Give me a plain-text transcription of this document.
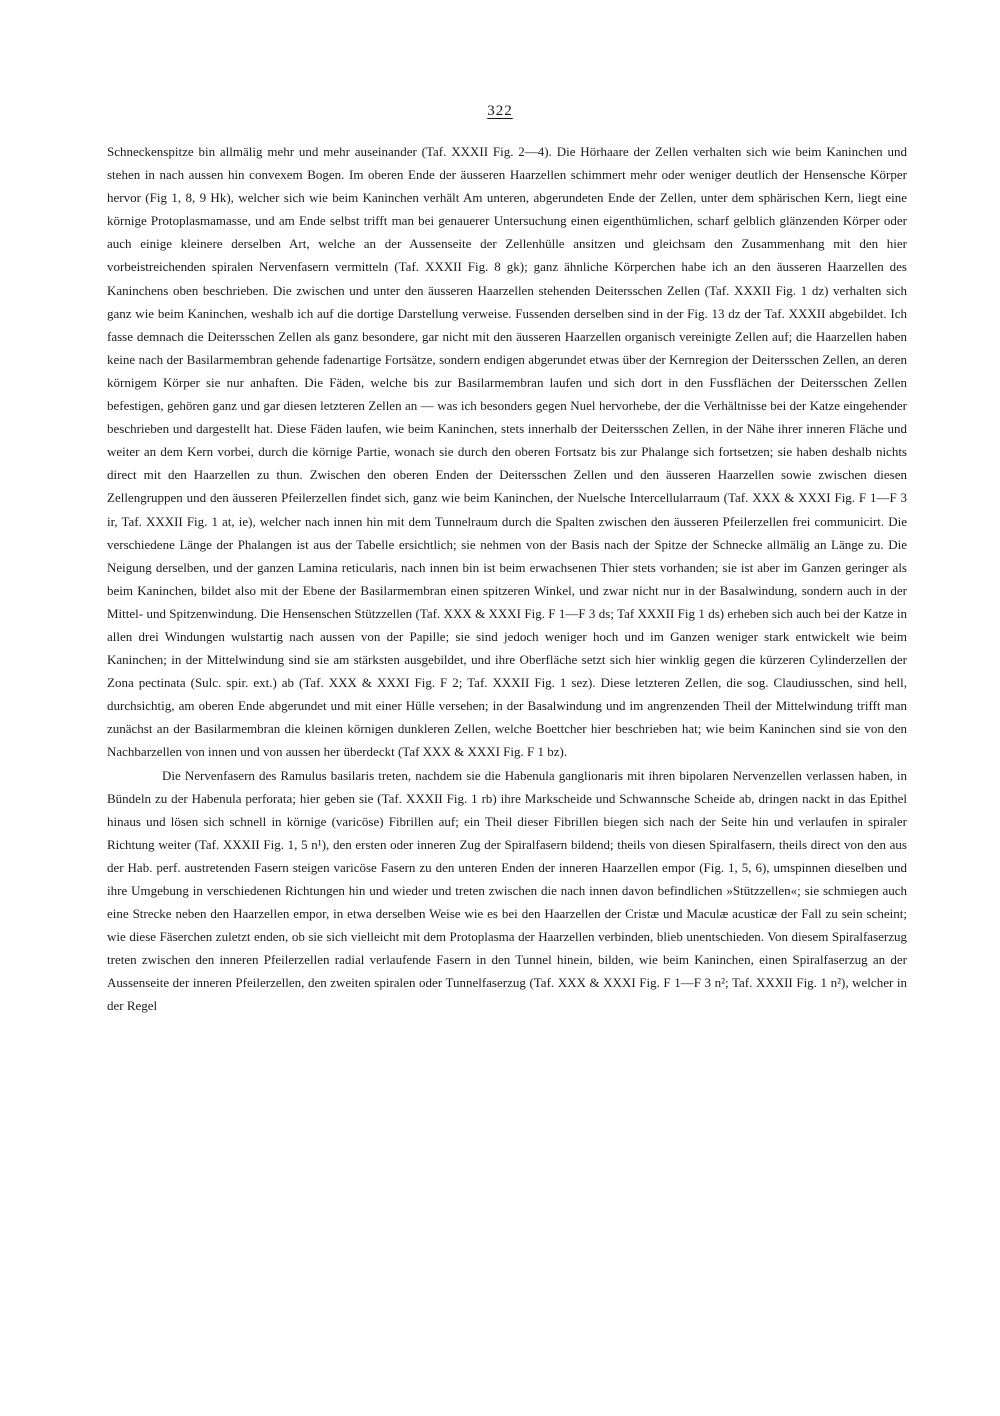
322

Schneckenspitze bin allmälig mehr und mehr auseinander (Taf. XXXII Fig. 2—4). Die Hörhaare der Zellen verhalten sich wie beim Kaninchen und stehen in nach aussen hin convexem Bogen. Im oberen Ende der äusseren Haarzellen schimmert mehr oder weniger deutlich der Hensensche Körper hervor (Fig 1, 8, 9 Hk), welcher sich wie beim Kaninchen verhält Am unteren, abgerundeten Ende der Zellen, unter dem sphärischen Kern, liegt eine körnige Protoplasmamasse, und am Ende selbst trifft man bei genauerer Untersuchung einen eigenthümlichen, scharf gelblich glänzenden Körper oder auch einige kleinere derselben Art, welche an der Aussenseite der Zellenhülle ansitzen und gleichsam den Zusammenhang mit den hier vorbeistreichenden spiralen Nervenfasern vermitteln (Taf. XXXII Fig. 8 gk); ganz ähnliche Körperchen habe ich an den äusseren Haarzellen des Kaninchens oben beschrieben. Die zwischen und unter den äusseren Haarzellen stehenden Deitersschen Zellen (Taf. XXXII Fig. 1 dz) verhalten sich ganz wie beim Kaninchen, weshalb ich auf die dortige Darstellung verweise. Fussenden derselben sind in der Fig. 13 dz der Taf. XXXII abgebildet. Ich fasse demnach die Deitersschen Zellen als ganz besondere, gar nicht mit den äusseren Haarzellen organisch vereinigte Zellen auf; die Haarzellen haben keine nach der Basilarmembran gehende fadenartige Fortsätze, sondern endigen abgerundet etwas über der Kernregion der Deitersschen Zellen, an deren körnigem Körper sie nur anhaften. Die Fäden, welche bis zur Basilarmembran laufen und sich dort in den Fussflächen der Deitersschen Zellen befestigen, gehören ganz und gar diesen letzteren Zellen an — was ich besonders gegen Nuel hervorhebe, der die Verhältnisse bei der Katze eingehender beschrieben und dargestellt hat. Diese Fäden laufen, wie beim Kaninchen, stets innerhalb der Deitersschen Zellen, in der Nähe ihrer inneren Fläche und weiter an dem Kern vorbei, durch die körnige Partie, wonach sie durch den oberen Fortsatz bis zur Phalange sich fortsetzen; sie haben deshalb nichts direct mit den Haarzellen zu thun. Zwischen den oberen Enden der Deitersschen Zellen und den äusseren Haarzellen sowie zwischen diesen Zellengruppen und den äusseren Pfeilerzellen findet sich, ganz wie beim Kaninchen, der Nuelsche Intercellularraum (Taf. XXX & XXXI Fig. F 1—F 3 ir, Taf. XXXII Fig. 1 at, ie), welcher nach innen hin mit dem Tunnelraum durch die Spalten zwischen den äusseren Pfeilerzellen frei communicirt. Die verschiedene Länge der Phalangen ist aus der Tabelle ersichtlich; sie nehmen von der Basis nach der Spitze der Schnecke allmälig an Länge zu. Die Neigung derselben, und der ganzen Lamina reticularis, nach innen bin ist beim erwachsenen Thier stets vorhanden; sie ist aber im Ganzen geringer als beim Kaninchen, bildet also mit der Ebene der Basilarmembran einen spitzeren Winkel, und zwar nicht nur in der Basalwindung, sondern auch in der Mittel- und Spitzenwindung. Die Hensenschen Stützzellen (Taf. XXX & XXXI Fig. F 1—F 3 ds; Taf XXXII Fig 1 ds) erheben sich auch bei der Katze in allen drei Windungen wulstartig nach aussen von der Papille; sie sind jedoch weniger hoch und im Ganzen weniger stark entwickelt wie beim Kaninchen; in der Mittelwindung sind sie am stärksten ausgebildet, und ihre Oberfläche setzt sich hier winklig gegen die kürzeren Cylinderzellen der Zona pectinata (Sulc. spir. ext.) ab (Taf. XXX & XXXI Fig. F 2; Taf. XXXII Fig. 1 sez). Diese letzteren Zellen, die sog. Claudiusschen, sind hell, durchsichtig, am oberen Ende abgerundet und mit einer Hülle versehen; in der Basalwindung und im angrenzenden Theil der Mittelwindung trifft man zunächst an der Basilarmembran die kleinen körnigen dunkleren Zellen, welche Boettcher hier beschrieben hat; wie beim Kaninchen sind sie von den Nachbarzellen von innen und von aussen her überdeckt (Taf XXX & XXXI Fig. F 1 bz).

Die Nervenfasern des Ramulus basilaris treten, nachdem sie die Habenula ganglionaris mit ihren bipolaren Nervenzellen verlassen haben, in Bündeln zu der Habenula perforata; hier geben sie (Taf. XXXII Fig. 1 rb) ihre Markscheide und Schwannsche Scheide ab, dringen nackt in das Epithel hinaus und lösen sich schnell in körnige (varicöse) Fibrillen auf; ein Theil dieser Fibrillen biegen sich nach der Seite hin und verlaufen in spiraler Richtung weiter (Taf. XXXII Fig. 1, 5 n¹), den ersten oder inneren Zug der Spiralfasern bildend; theils von diesen Spiralfasern, theils direct von den aus der Hab. perf. austretenden Fasern steigen varicöse Fasern zu den unteren Enden der inneren Haarzellen empor (Fig. 1, 5, 6), umspinnen dieselben und ihre Umgebung in verschiedenen Richtungen hin und wieder und treten zwischen die nach innen davon befindlichen »Stützzellen«; sie schmiegen auch eine Strecke neben den Haarzellen empor, in etwa derselben Weise wie es bei den Haarzellen der Cristæ und Maculæ acusticæ der Fall zu sein scheint; wie diese Fäserchen zuletzt enden, ob sie sich vielleicht mit dem Protoplasma der Haarzellen verbinden, blieb unentschieden. Von diesem Spiralfaserzug treten zwischen den inneren Pfeilerzellen radial verlaufende Fasern in den Tunnel hinein, bilden, wie beim Kaninchen, einen Spiralfaserzug an der Aussenseite der inneren Pfeilerzellen, den zweiten spiralen oder Tunnelfaserzug (Taf. XXX & XXXI Fig. F 1—F 3 n²; Taf. XXXII Fig. 1 n²), welcher in der Regel
